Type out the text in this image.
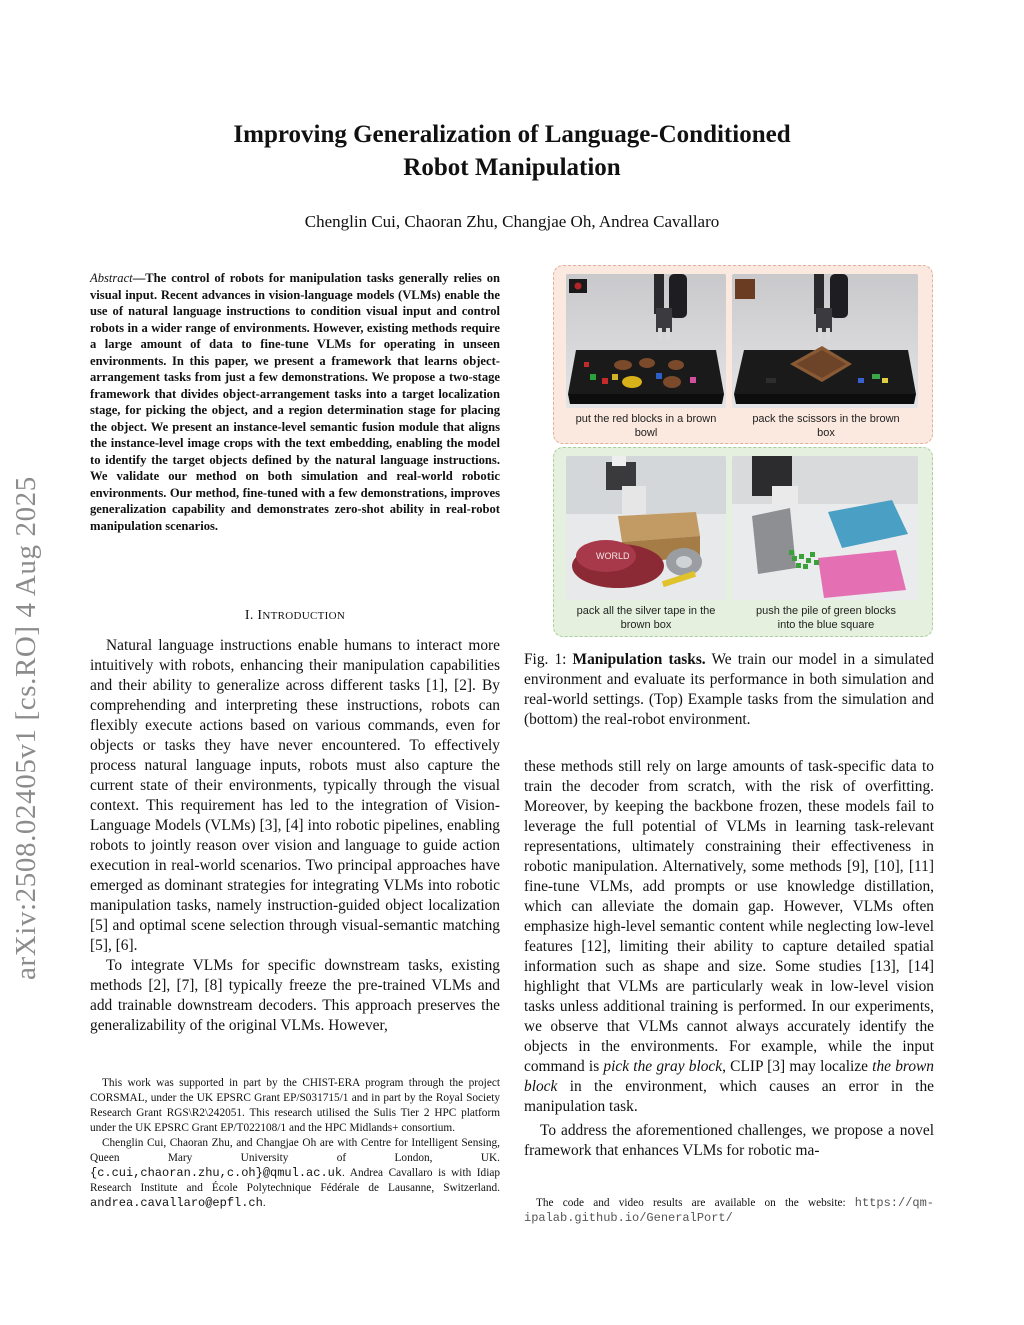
arXiv:2508.02405v1 [cs.RO] 4 Aug 2025
Improving Generalization of Language-Conditioned
Robot Manipulation
Chenglin Cui, Chaoran Zhu, Changjae Oh, Andrea Cavallaro
Abstract—The control of robots for manipulation tasks generally relies on visual input. Recent advances in vision-language models (VLMs) enable the use of natural language instructions to condition visual input and control robots in a wider range of environments. However, existing methods require a large amount of data to fine-tune VLMs for operating in unseen environments. In this paper, we present a framework that learns object-arrangement tasks from just a few demonstrations. We propose a two-stage framework that divides object-arrangement tasks into a target localization stage, for picking the object, and a region determination stage for placing the object. We present an instance-level semantic fusion module that aligns the instance-level image crops with the text embedding, enabling the model to identify the target objects defined by the natural language instructions. We validate our method on both simulation and real-world robotic environments. Our method, fine-tuned with a few demonstrations, improves generalization capability and demonstrates zero-shot ability in real-robot manipulation scenarios.
I. INTRODUCTION

Natural language instructions enable humans to interact more intuitively with robots, enhancing their manipulation capabilities and their ability to generalize across different tasks [1], [2]. By comprehending and interpreting these instructions, robots can flexibly execute actions based on various commands, even for objects or tasks they have never encountered. To effectively process natural language inputs, robots must also capture the current state of their environments, typically through the visual context. This requirement has led to the integration of Vision-Language Models (VLMs) [3], [4] into robotic pipelines, enabling robots to jointly reason over vision and language to guide action execution in real-world scenarios. Two principal approaches have emerged as dominant strategies for integrating VLMs into robotic manipulation tasks, namely instruction-guided object localization [5] and optimal scene selection through visual-semantic matching [5], [6].

To integrate VLMs for specific downstream tasks, existing methods [2], [7], [8] typically freeze the pre-trained VLMs and add trainable downstream decoders. This approach preserves the generalizability of the original VLMs. However,

This work was supported in part by the CHIST-ERA program through the project CORSMAL, under the UK EPSRC Grant EP/S031715/1 and in part by the Royal Society Research Grant RGS\R2\242051. This research utilised the Sulis Tier 2 HPC platform under the UK EPSRC Grant EP/T022108/1 and the HPC Midlands+ consortium.

Chenglin Cui, Chaoran Zhu, and Changjae Oh are with Centre for Intelligent Sensing, Queen Mary University of London, UK. {c.cui,chaoran.zhu,c.oh}@qmul.ac.uk. Andrea Cavallaro is with Idiap Research Institute and École Polytechnique Fédérale de Lausanne, Switzerland. andrea.cavallaro@epfl.ch.

put the red blocks in a brown bowl
pack the scissors in the brown box
WORLD
pack all the silver tape in the brown box
push the pile of green blocks into the blue square
Fig. 1: Manipulation tasks. We train our model in a simulated environment and evaluate its performance in both simulation and real-world settings. (Top) Example tasks from the simulation and (bottom) the real-robot environment.

these methods still rely on large amounts of task-specific data to train the decoder from scratch, with the risk of overfitting. Moreover, by keeping the backbone frozen, these models fail to leverage the full potential of VLMs in learning task-relevant representations, ultimately constraining their effectiveness in robotic manipulation. Alternatively, some methods [9], [10], [11] fine-tune VLMs, add prompts or use knowledge distillation, which can alleviate the domain gap. However, VLMs often emphasize high-level semantic content while neglecting low-level features [12], limiting their ability to capture detailed spatial information such as shape and size. Some studies [13], [14] highlight that VLMs are particularly weak in low-level vision tasks unless additional training is performed. In our experiments, we observe that VLMs cannot always accurately identify the objects in the environments. For example, while the input command is pick the gray block, CLIP [3] may localize the brown block in the environment, which causes an error in the manipulation task.

To address the aforementioned challenges, we propose a novel framework that enhances VLMs for robotic ma-

The code and video results are available on the website: https://qm-ipalab.github.io/GeneralPort/
